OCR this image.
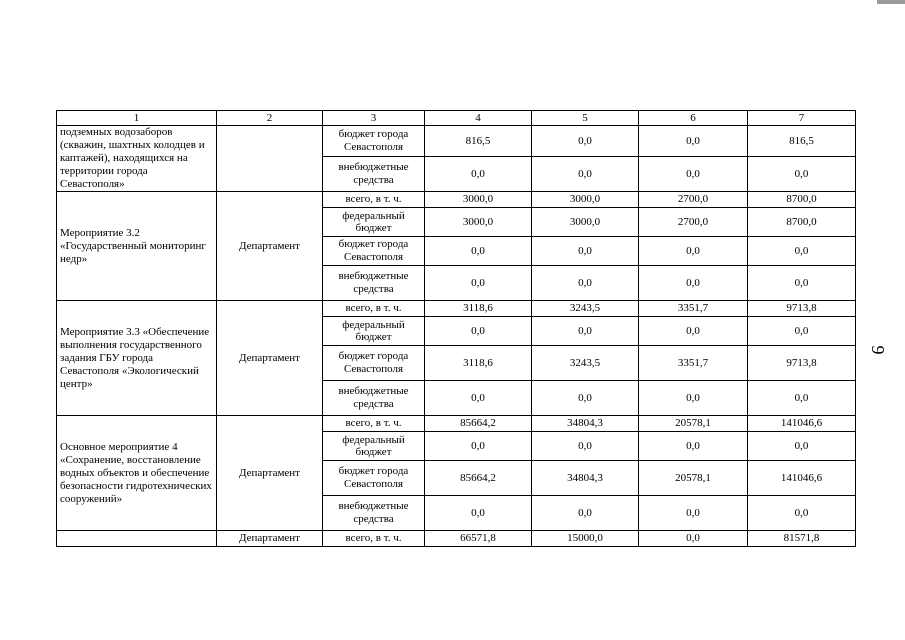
1	2	3	4	5	6	7
подземных водозаборов (скважин, шахтных колодцев и каптажей), находящихся на территории города Севастополя»		бюджет города Севастополя	816,5	0,0	0,0	816,5
		внебюджетные средства	0,0	0,0	0,0	0,0
Мероприятие 3.2 «Государственный мониторинг недр»	Департамент	всего, в т. ч.	3000,0	3000,0	2700,0	8700,0
		федеральный бюджет	3000,0	3000,0	2700,0	8700,0
		бюджет города Севастополя	0,0	0,0	0,0	0,0
		внебюджетные средства	0,0	0,0	0,0	0,0
Мероприятие 3.3 «Обеспечение выполнения государственного задания ГБУ города Севастополя «Экологический центр»	Департамент	всего, в т. ч.	3118,6	3243,5	3351,7	9713,8
		федеральный бюджет	0,0	0,0	0,0	0,0
		бюджет города Севастополя	3118,6	3243,5	3351,7	9713,8
		внебюджетные средства	0,0	0,0	0,0	0,0
Основное мероприятие 4 «Сохранение, восстановление водных объектов и обеспечение безопасности гидротехнических сооружений»	Департамент	всего, в т. ч.	85664,2	34804,3	20578,1	141046,6
		федеральный бюджет	0,0	0,0	0,0	0,0
		бюджет города Севастополя	85664,2	34804,3	20578,1	141046,6
		внебюджетные средства	0,0	0,0	0,0	0,0
	Департамент	всего, в т. ч.	66571,8	15000,0	0,0	81571,8
9
